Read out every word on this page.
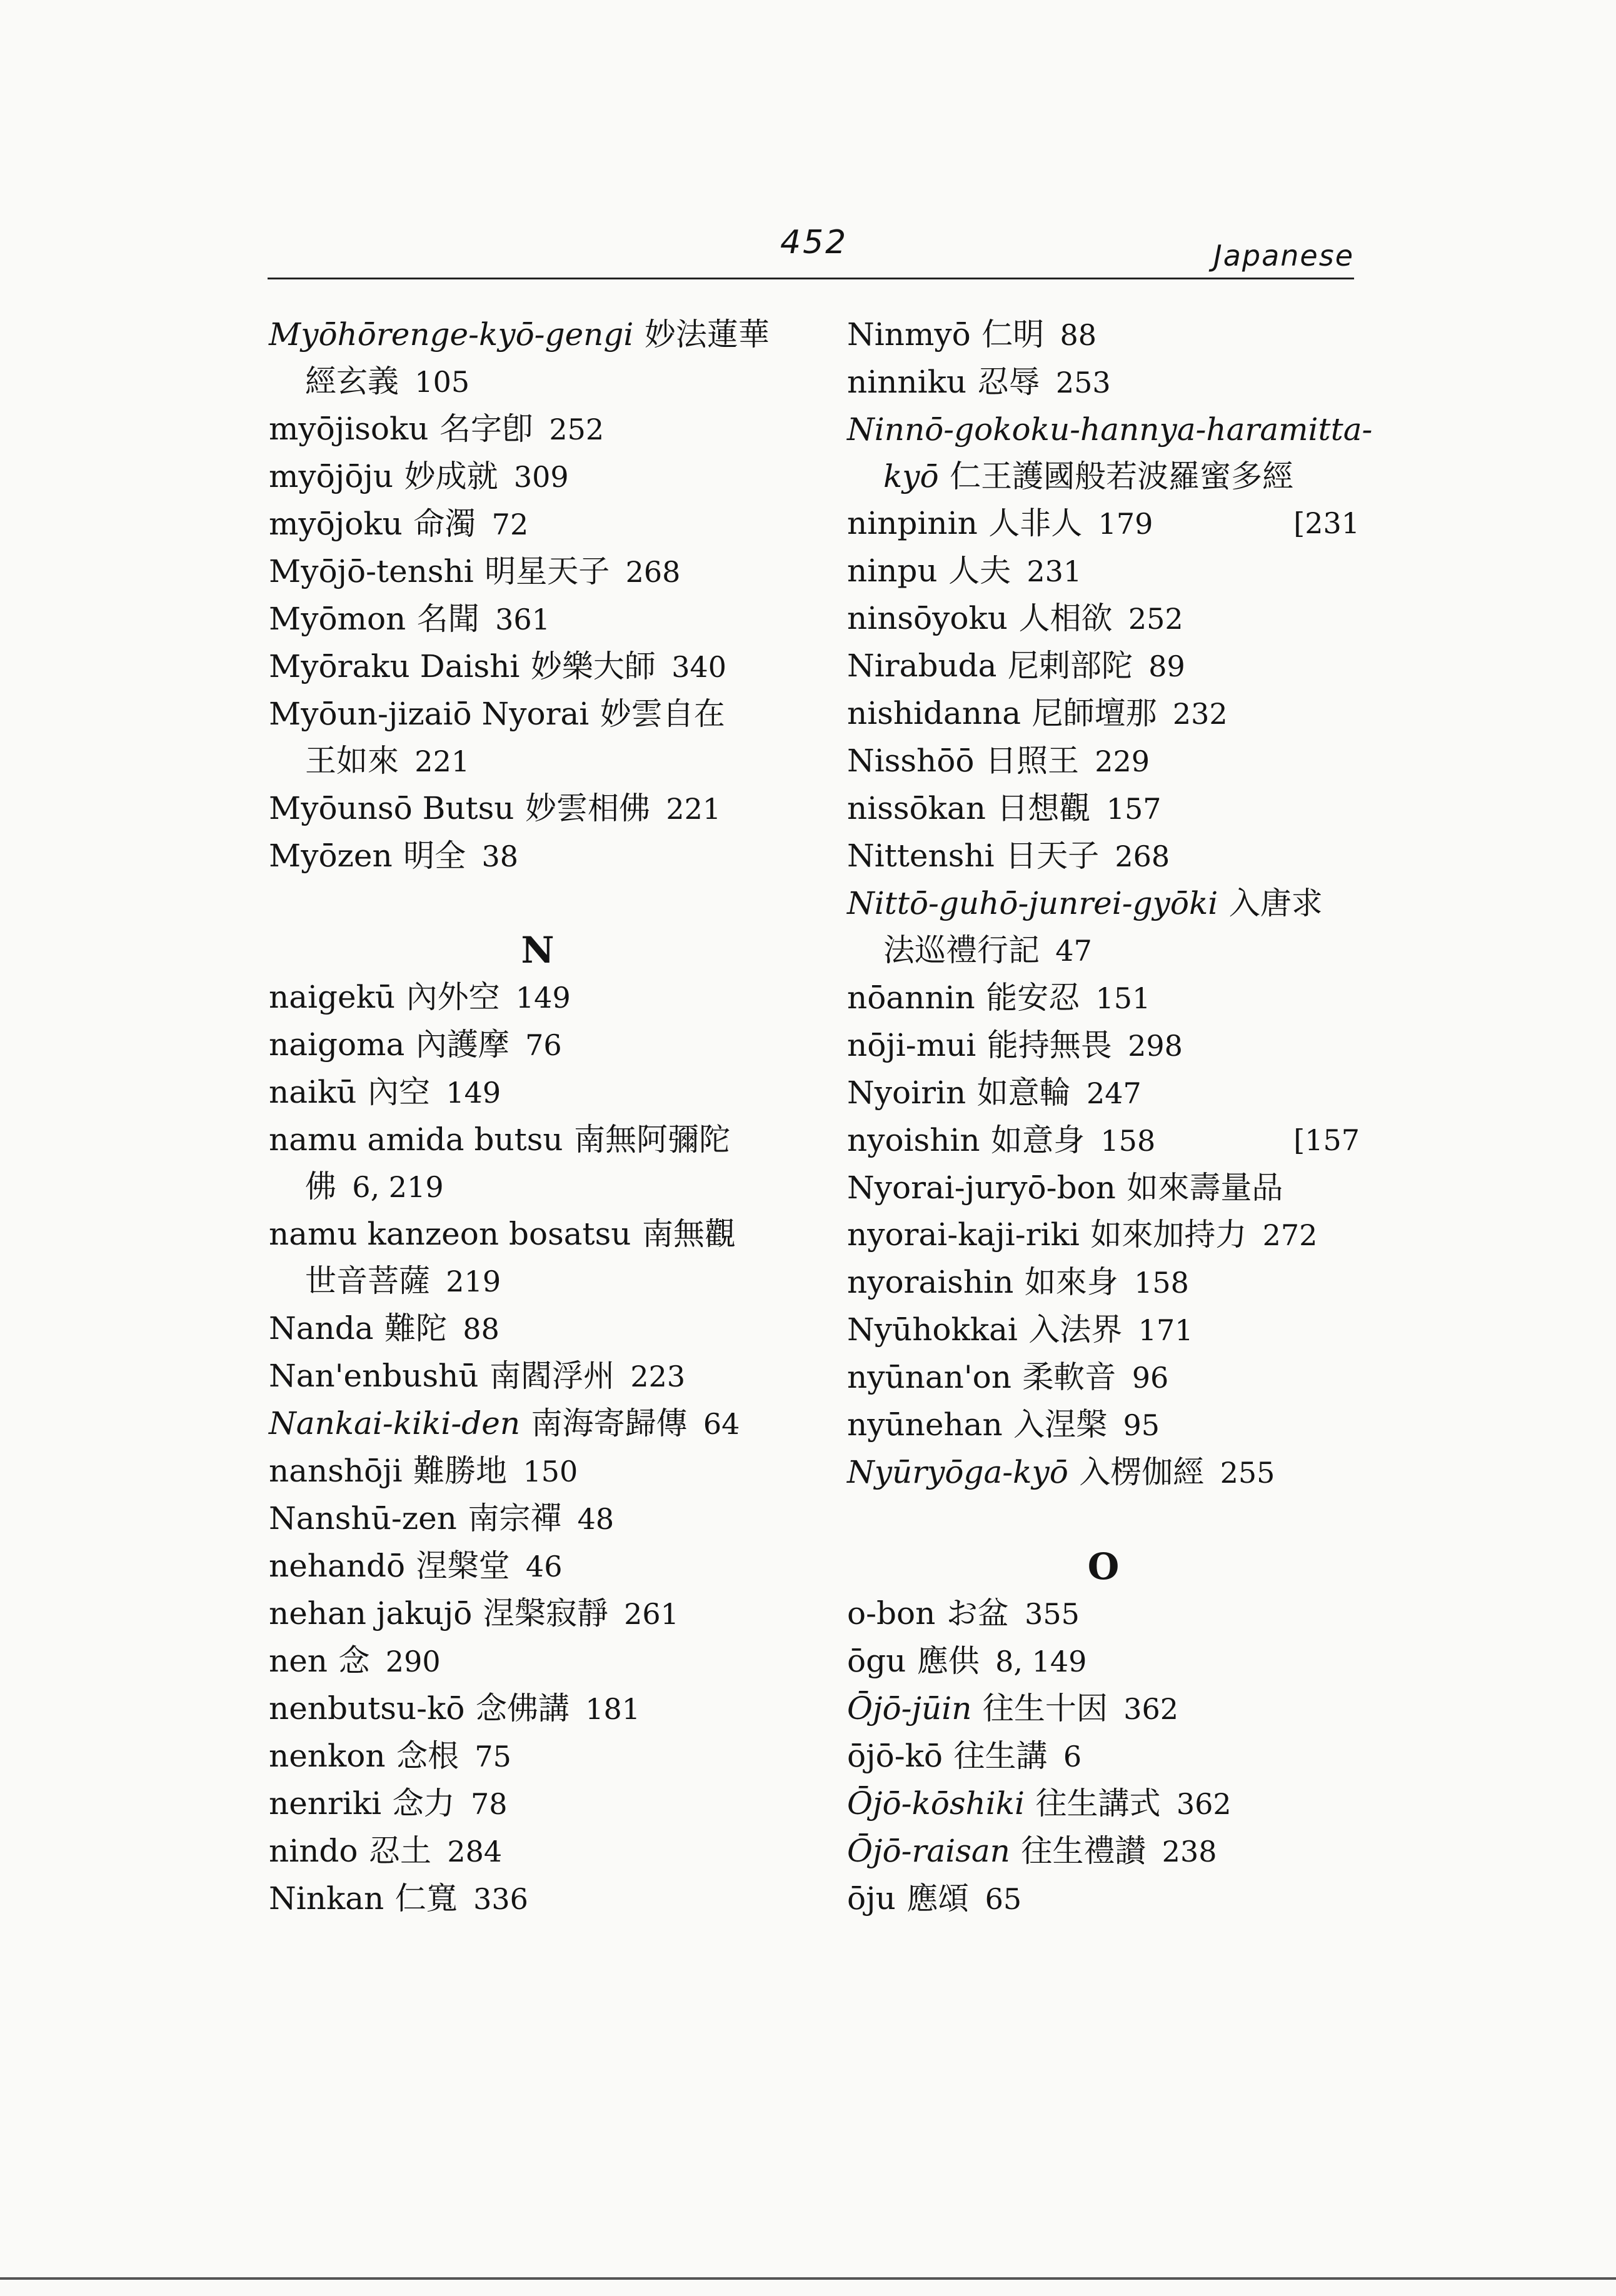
452	Japanese
Myōhōrenge-kyō-gengi 妙法蓮華
經玄義 105
myōjisoku 名字卽 252
myōjōju 妙成就 309
myōjoku 命濁 72
Myōjō-tenshi 明星天子 268
Myōmon 名聞 361
Myōraku Daishi 妙樂大師 340
Myōun-jizaiō Nyorai 妙雲自在
王如來 221
Myōunsō Butsu 妙雲相佛 221
Myōzen 明全 38
N
naigekū 內外空 149
naigoma 內護摩 76
naikū 內空 149
namu amida butsu 南無阿彌陀
佛 6, 219
namu kanzeon bosatsu 南無觀
世音菩薩 219
Nanda 難陀 88
Nan'enbushū 南閻浮州 223
Nankai-kiki-den 南海寄歸傳 64
nanshōji 難勝地 150
Nanshū-zen 南宗禪 48
nehandō 涅槃堂 46
nehan jakujō 涅槃寂靜 261
nen 念 290
nenbutsu-kō 念佛講 181
nenkon 念根 75
nenriki 念力 78
nindo 忍土 284
Ninkan 仁寬 336
Ninmyō 仁明 88
ninniku 忍辱 253
Ninnō-gokoku-hannya-haramitta-
kyō 仁王護國般若波羅蜜多經
ninpinin 人非人 179	[231
ninpu 人夫 231
ninsōyoku 人相欲 252
Nirabuda 尼剌部陀 89
nishidanna 尼師壇那 232
Nisshōō 日照王 229
nissōkan 日想觀 157
Nittenshi 日天子 268
Nittō-guhō-junrei-gyōki 入唐求
法巡禮行記 47
nōannin 能安忍 151
nōji-mui 能持無畏 298
Nyoirin 如意輪 247
nyoishin 如意身 158	[157
Nyorai-juryō-bon 如來壽量品
nyorai-kaji-riki 如來加持力 272
nyoraishin 如來身 158
Nyūhokkai 入法界 171
nyūnan'on 柔軟音 96
nyūnehan 入涅槃 95
Nyūryōga-kyō 入楞伽經 255
O
o-bon お盆 355
ōgu 應供 8, 149
Ōjō-jūin 往生十因 362
ōjō-kō 往生講 6
Ōjō-kōshiki 往生講式 362
Ōjō-raisan 往生禮讃 238
ōju 應頌 65
